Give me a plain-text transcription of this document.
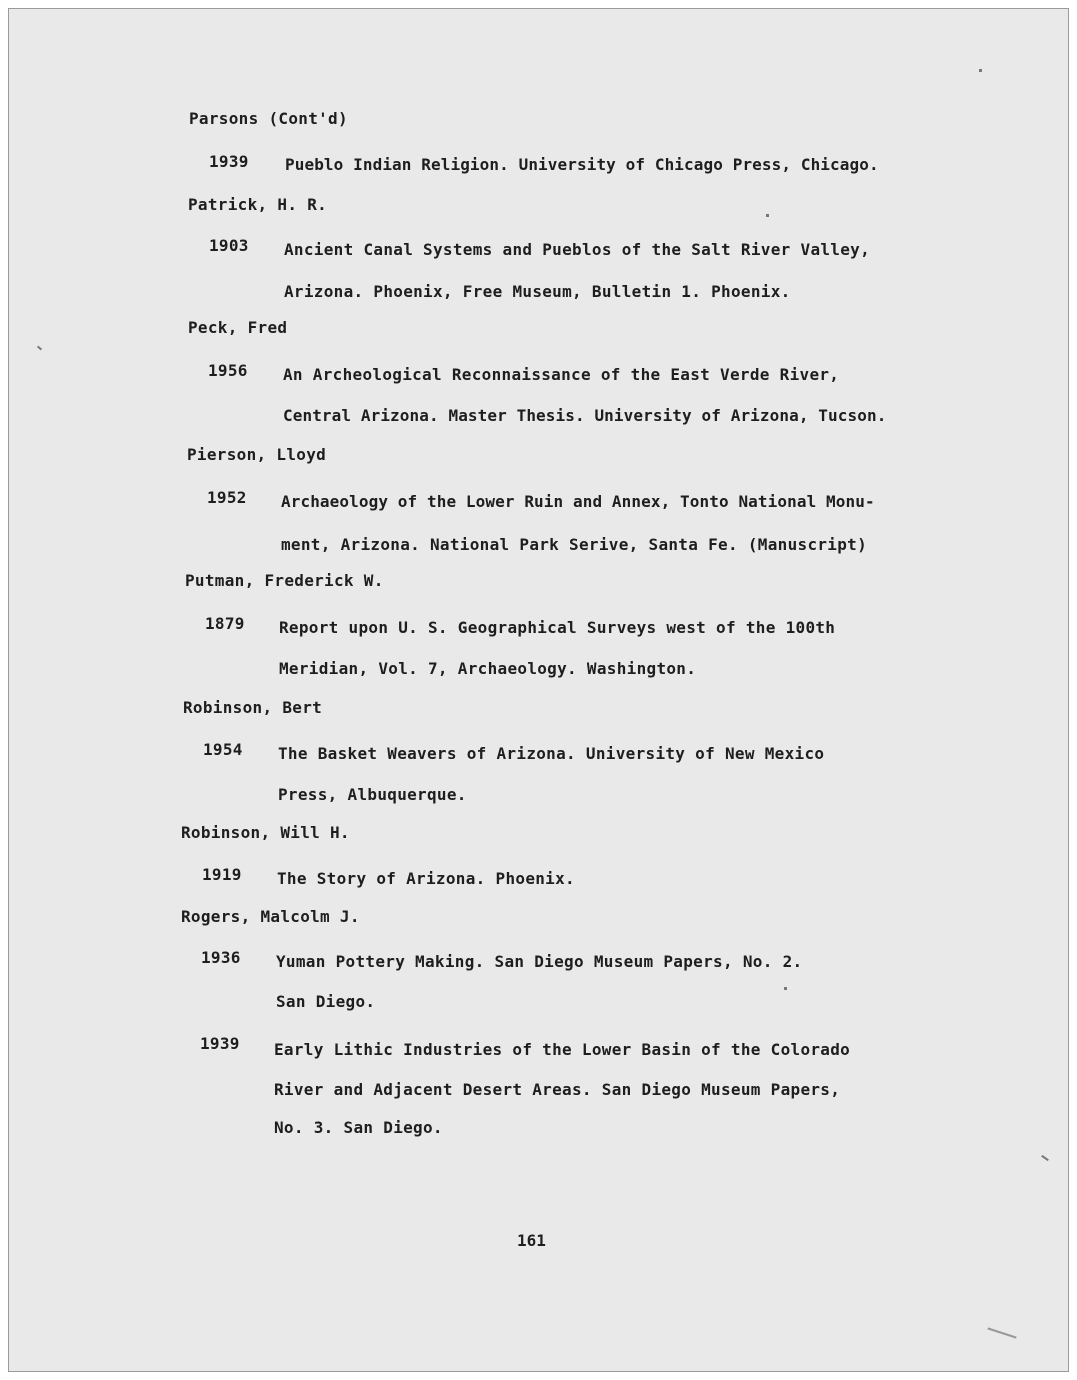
Parsons (Cont'd)
1939 Pueblo Indian Religion. University of Chicago Press, Chicago.
Patrick, H. R.
1903 Ancient Canal Systems and Pueblos of the Salt River Valley,
Arizona. Phoenix, Free Museum, Bulletin 1. Phoenix.
Peck, Fred
1956 An Archeological Reconnaissance of the East Verde River,
Central Arizona. Master Thesis. University of Arizona, Tucson.
Pierson, Lloyd
1952 Archaeology of the Lower Ruin and Annex, Tonto National Monu-
ment, Arizona. National Park Serive, Santa Fe. (Manuscript)
Putman, Frederick W.
1879 Report upon U. S. Geographical Surveys west of the 100th
Meridian, Vol. 7, Archaeology. Washington.
Robinson, Bert
1954 The Basket Weavers of Arizona. University of New Mexico
Press, Albuquerque.
Robinson, Will H.
1919 The Story of Arizona. Phoenix.
Rogers, Malcolm J.
1936 Yuman Pottery Making. San Diego Museum Papers, No. 2.
San Diego.
1939 Early Lithic Industries of the Lower Basin of the Colorado
River and Adjacent Desert Areas. San Diego Museum Papers,
No. 3. San Diego.
161
